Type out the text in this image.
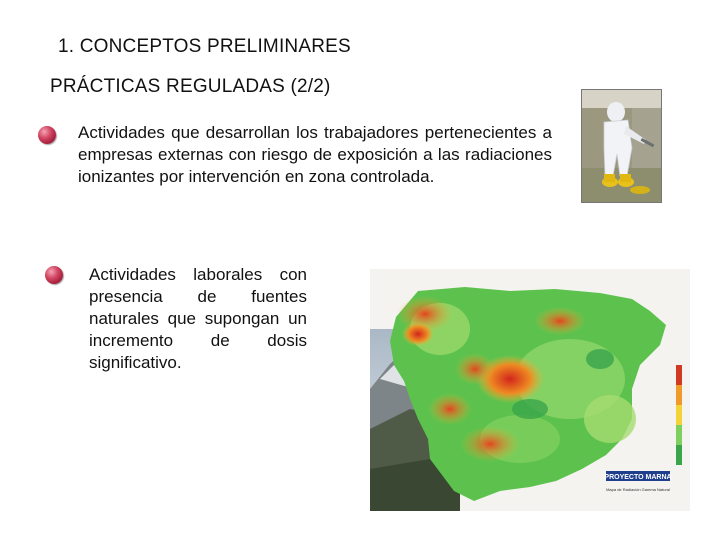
1. CONCEPTOS PRELIMINARES
PRÁCTICAS REGULADAS (2/2)
Actividades que desarrollan los trabajadores pertenecientes a empresas externas con riesgo de exposición a las radiaciones ionizantes por intervención en zona controlada.
Actividades laborales con presencia de fuentes naturales que supongan un incremento de dosis significativo.
PROYECTO MARNA
Mapa de Radiación Gamma Natural
